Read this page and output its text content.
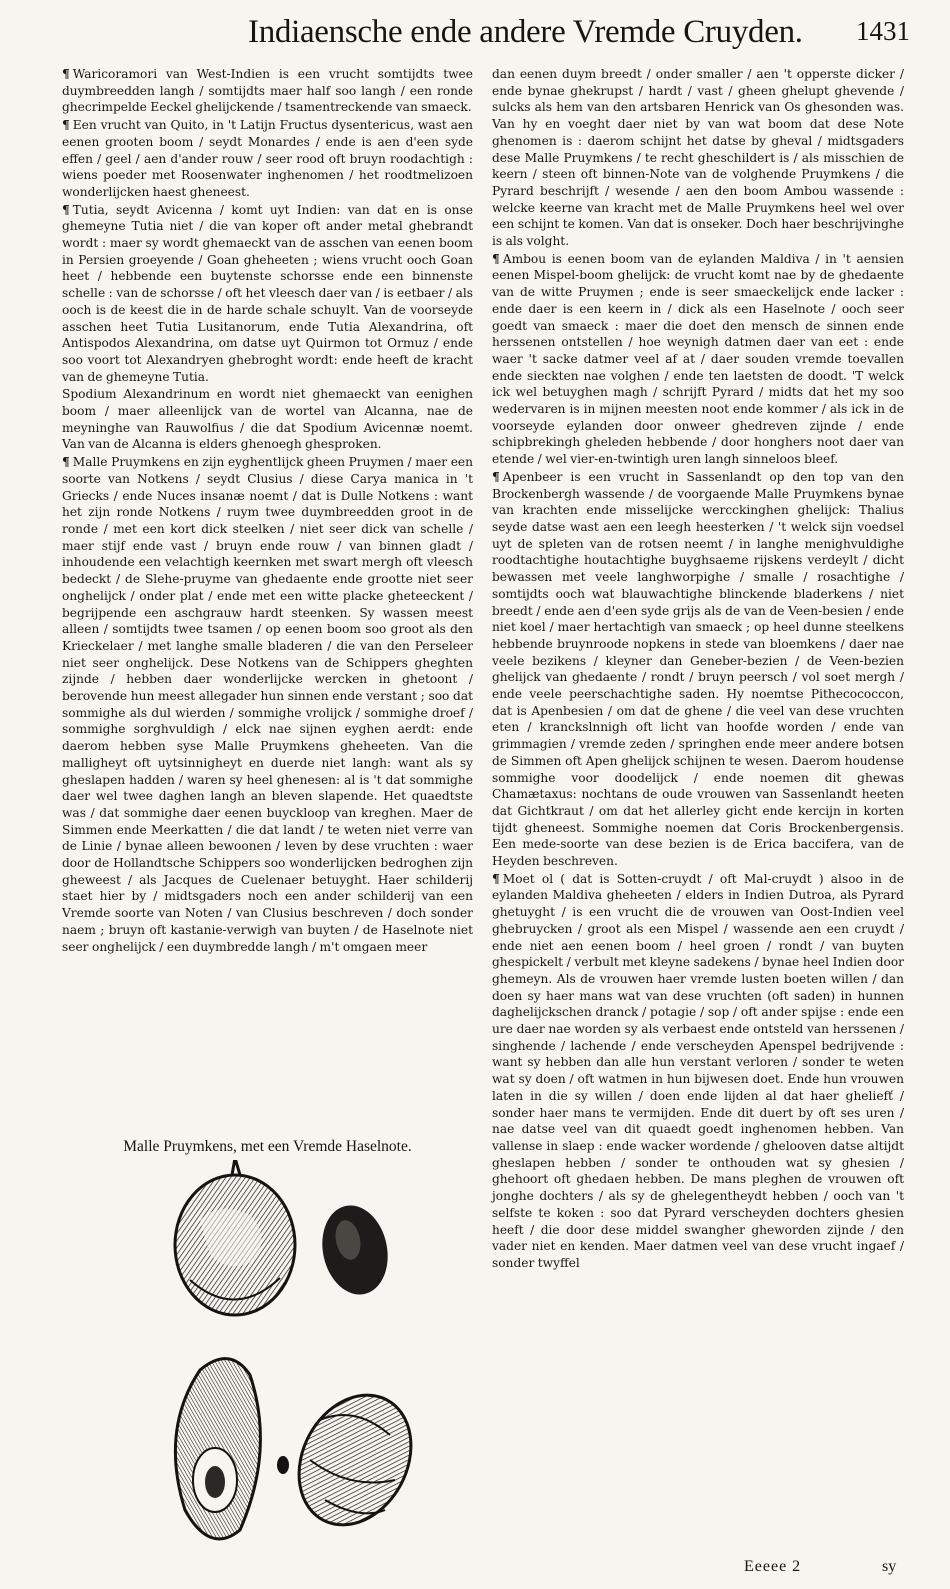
Indiaensche ende andere Vremde Cruyden. 1431

¶ Waricoramori van West-Indien is een vrucht somtijdts twee duymbreedden langh / somtijdts maer half soo langh / een ronde ghecrimpelde Eeckel ghelijckende / tsamentreckende van smaeck.

¶ Een vrucht van Quito, in 't Latijn Fructus dysentericus, wast aen eenen grooten boom / seydt Monardes / ende is aen d'een syde effen / geel / aen d'ander rouw / seer rood oft bruyn roodachtigh : wiens poeder met Roosenwater inghenomen / het roodtmelizoen wonderlijcken haest gheneest.

¶ Tutia, seydt Avicenna / komt uyt Indien: van dat en is onse ghemeyne Tutia niet / die van koper oft ander metal ghebrandt wordt : maer sy wordt ghemaeckt van de asschen van eenen boom in Persien groeyende / Goan gheheeten ; wiens vrucht ooch Goan heet / hebbende een buytenste schorsse ende een binnenste schelle : van de schorsse / oft het vleesch daer van / is eetbaer / als ooch is de keest die in de harde schale schuylt. Van de voorseyde asschen heet Tutia Lusitanorum, ende Tutia Alexandrina, oft Antispodos Alexandrina, om datse uyt Quirmon tot Ormuz / ende soo voort tot Alexandryen ghebroght wordt: ende heeft de kracht van de ghemeyne Tutia.

Spodium Alexandrinum en wordt niet ghemaeckt van eenighen boom / maer alleenlijck van de wortel van Alcanna, nae de meyninghe van Rauwolfius / die dat Spodium Avicennæ noemt. Van van de Alcanna is elders ghenoegh ghesproken.

¶ Malle Pruymkens en zijn eyghentlijck gheen Pruymen / maer een soorte van Notkens / seydt Clusius / diese Carya manica in 't Griecks / ende Nuces insanæ noemt / dat is Dulle Notkens : want het zijn ronde Notkens / ruym twee duymbreedden groot in de ronde / met een kort dick steelken / niet seer dick van schelle / maer stijf ende vast / bruyn ende rouw / van binnen gladt / inhoudende een velachtigh keernken met swart mergh oft vleesch bedeckt / de Slehe-pruyme van ghedaente ende grootte niet seer onghelijck / onder plat / ende met een witte placke gheteeckent / begrijpende een aschgrauw hardt steenken. Sy wassen meest alleen / somtijdts twee tsamen / op eenen boom soo groot als den Krieckelaer / met langhe smalle bladeren / die van den Perseleer niet seer onghelijck. Dese Notkens van de Schippers gheghten zijnde / hebben daer wonderlijcke wercken in ghetoont / berovende hun meest allegader hun sinnen ende verstant ; soo dat sommighe als dul wierden / sommighe vrolijck / sommighe droef / sommighe sorghvuldigh / elck nae sijnen eyghen aerdt: ende daerom hebben syse Malle Pruymkens gheheeten. Van die malligheyt oft uytsinnigheyt en duerde niet langh: want als sy gheslapen hadden / waren sy heel ghenesen: al is 't dat sommighe daer wel twee daghen langh an bleven slapende. Het quaedtste was / dat sommighe daer eenen buyckloop van kreghen. Maer de Simmen ende Meerkatten / die dat landt / te weten niet verre van de Linie / bynae alleen bewoonen / leven by dese vruchten : waer door de Hollandtsche Schippers soo wonderlijcken bedroghen zijn gheweest / als Jacques de Cuelenaer betuyght. Haer schilderij staet hier by / midtsgaders noch een ander schilderij van een Vremde soorte van Noten / van Clusius beschreven / doch sonder naem ; bruyn oft kastanie-verwigh van buyten / de Haselnote niet seer onghelijck / een duymbredde langh / m't omgaen meer

Malle Pruymkens, met een Vremde Haselnote.

dan eenen duym breedt / onder smaller / aen 't opperste dicker / ende bynae ghekrupst / hardt / vast / gheen ghelupt ghevende / sulcks als hem van den artsbaren Henrick van Os ghesonden was. Van hy en voeght daer niet by van wat boom dat dese Note ghenomen is : daerom schijnt het datse by gheval / midtsgaders dese Malle Pruymkens / te recht gheschildert is / als misschien de keern / steen oft binnen-Note van de volghende Pruymkens / die Pyrard beschrijft / wesende / aen den boom Ambou wassende : welcke keerne van kracht met de Malle Pruymkens heel wel over een schijnt te komen. Van dat is onseker. Doch haer beschrijvinghe is als volght.

¶ Ambou is eenen boom van de eylanden Maldiva / in 't aensien eenen Mispel-boom ghelijck: de vrucht komt nae by de ghedaente van de witte Pruymen ; ende is seer smaeckelijck ende lacker : ende daer is een keern in / dick als een Haselnote / ooch seer goedt van smaeck : maer die doet den mensch de sinnen ende herssenen ontstellen / hoe weynigh datmen daer van eet : ende waer 't sacke datmer veel af at / daer souden vremde toevallen ende sieckten nae volghen / ende ten laetsten de doodt. 'T welck ick wel betuyghen magh / schrijft Pyrard / midts dat het my soo wedervaren is in mijnen meesten noot ende kommer / als ick in de voorseyde eylanden door onweer ghedreven zijnde / ende schipbrekingh gheleden hebbende / door honghers noot daer van etende / wel vier-en-twintigh uren langh sinneloos bleef.

¶ Apenbeer is een vrucht in Sassenlandt op den top van den Brockenbergh wassende / de voorgaende Malle Pruymkens bynae van krachten ende misselijcke wercckinghen ghelijck: Thalius seyde datse wast aen een leegh heesterken / 't welck sijn voedsel uyt de spleten van de rotsen neemt / in langhe menighvuldighe roodtachtighe houtachtighe buyghsaeme rijskens verdeylt / dicht bewassen met veele langhworpighe / smalle / rosachtighe / somtijdts ooch wat blauwachtighe blinckende bladerkens / niet breedt / ende aen d'een syde grijs als de van de Veen-besien / ende niet koel / maer hertachtigh van smaeck ; op heel dunne steelkens hebbende bruynroode nopkens in stede van bloemkens / daer nae veele bezikens / kleyner dan Geneber-bezien / de Veen-bezien ghelijck van ghedaente / rondt / bruyn peersch / vol soet mergh / ende veele peerschachtighe saden. Hy noemtse Pithecococcon, dat is Apenbesien / om dat de ghene / die veel van dese vruchten eten / kranckslnnigh oft licht van hoofde worden / ende van grimmagien / vremde zeden / springhen ende meer andere botsen de Simmen oft Apen ghelijck schijnen te wesen. Daerom houdense sommighe voor doodelijck / ende noemen dit ghewas Chamætaxus: nochtans de oude vrouwen van Sassenlandt heeten dat Gichtkraut / om dat het allerley gicht ende kercijn in korten tijdt gheneest. Sommighe noemen dat Coris Brockenbergensis. Een mede-soorte van dese bezien is de Erica baccifera, van de Heyden beschreven.

¶ Moet ol ( dat is Sotten-cruydt / oft Mal-cruydt ) alsoo in de eylanden Maldiva gheheeten / elders in Indien Dutroa, als Pyrard ghetuyght / is een vrucht die de vrouwen van Oost-Indien veel ghebruycken / groot als een Mispel / wassende aen een cruydt / ende niet aen eenen boom / heel groen / rondt / van buyten ghespickelt / verbult met kleyne sadekens / bynae heel Indien door ghemeyn. Als de vrouwen haer vremde lusten boeten willen / dan doen sy haer mans wat van dese vruchten (oft saden) in hunnen daghelijckschen dranck / potagie / sop / oft ander spijse : ende een ure daer nae worden sy als verbaest ende ontsteld van herssenen / singhende / lachende / ende verscheyden Apenspel bedrijvende : want sy hebben dan alle hun verstant verloren / sonder te weten wat sy doen / oft watmen in hun bijwesen doet. Ende hun vrouwen laten in die sy willen / doen ende lijden al dat haer gheliefť / sonder haer mans te vermijden. Ende dit duert by oft ses uren / nae datse veel van dit quaedt goedt inghenomen hebben. Van vallense in slaep : ende wacker wordende / ghelooven datse altijdt gheslapen hebben / sonder te onthouden wat sy ghesien / ghehoort oft ghedaen hebben. De mans pleghen de vrouwen oft jonghe dochters / als sy de ghelegentheydt hebben / ooch van 't selfste te koken : soo dat Pyrard verscheyden dochters ghesien heeft / die door dese middel swangher gheworden zijnde / den vader niet en kenden. Maer datmen veel van dese vrucht ingaef / sonder twyffel

Eeeee 2	sy
